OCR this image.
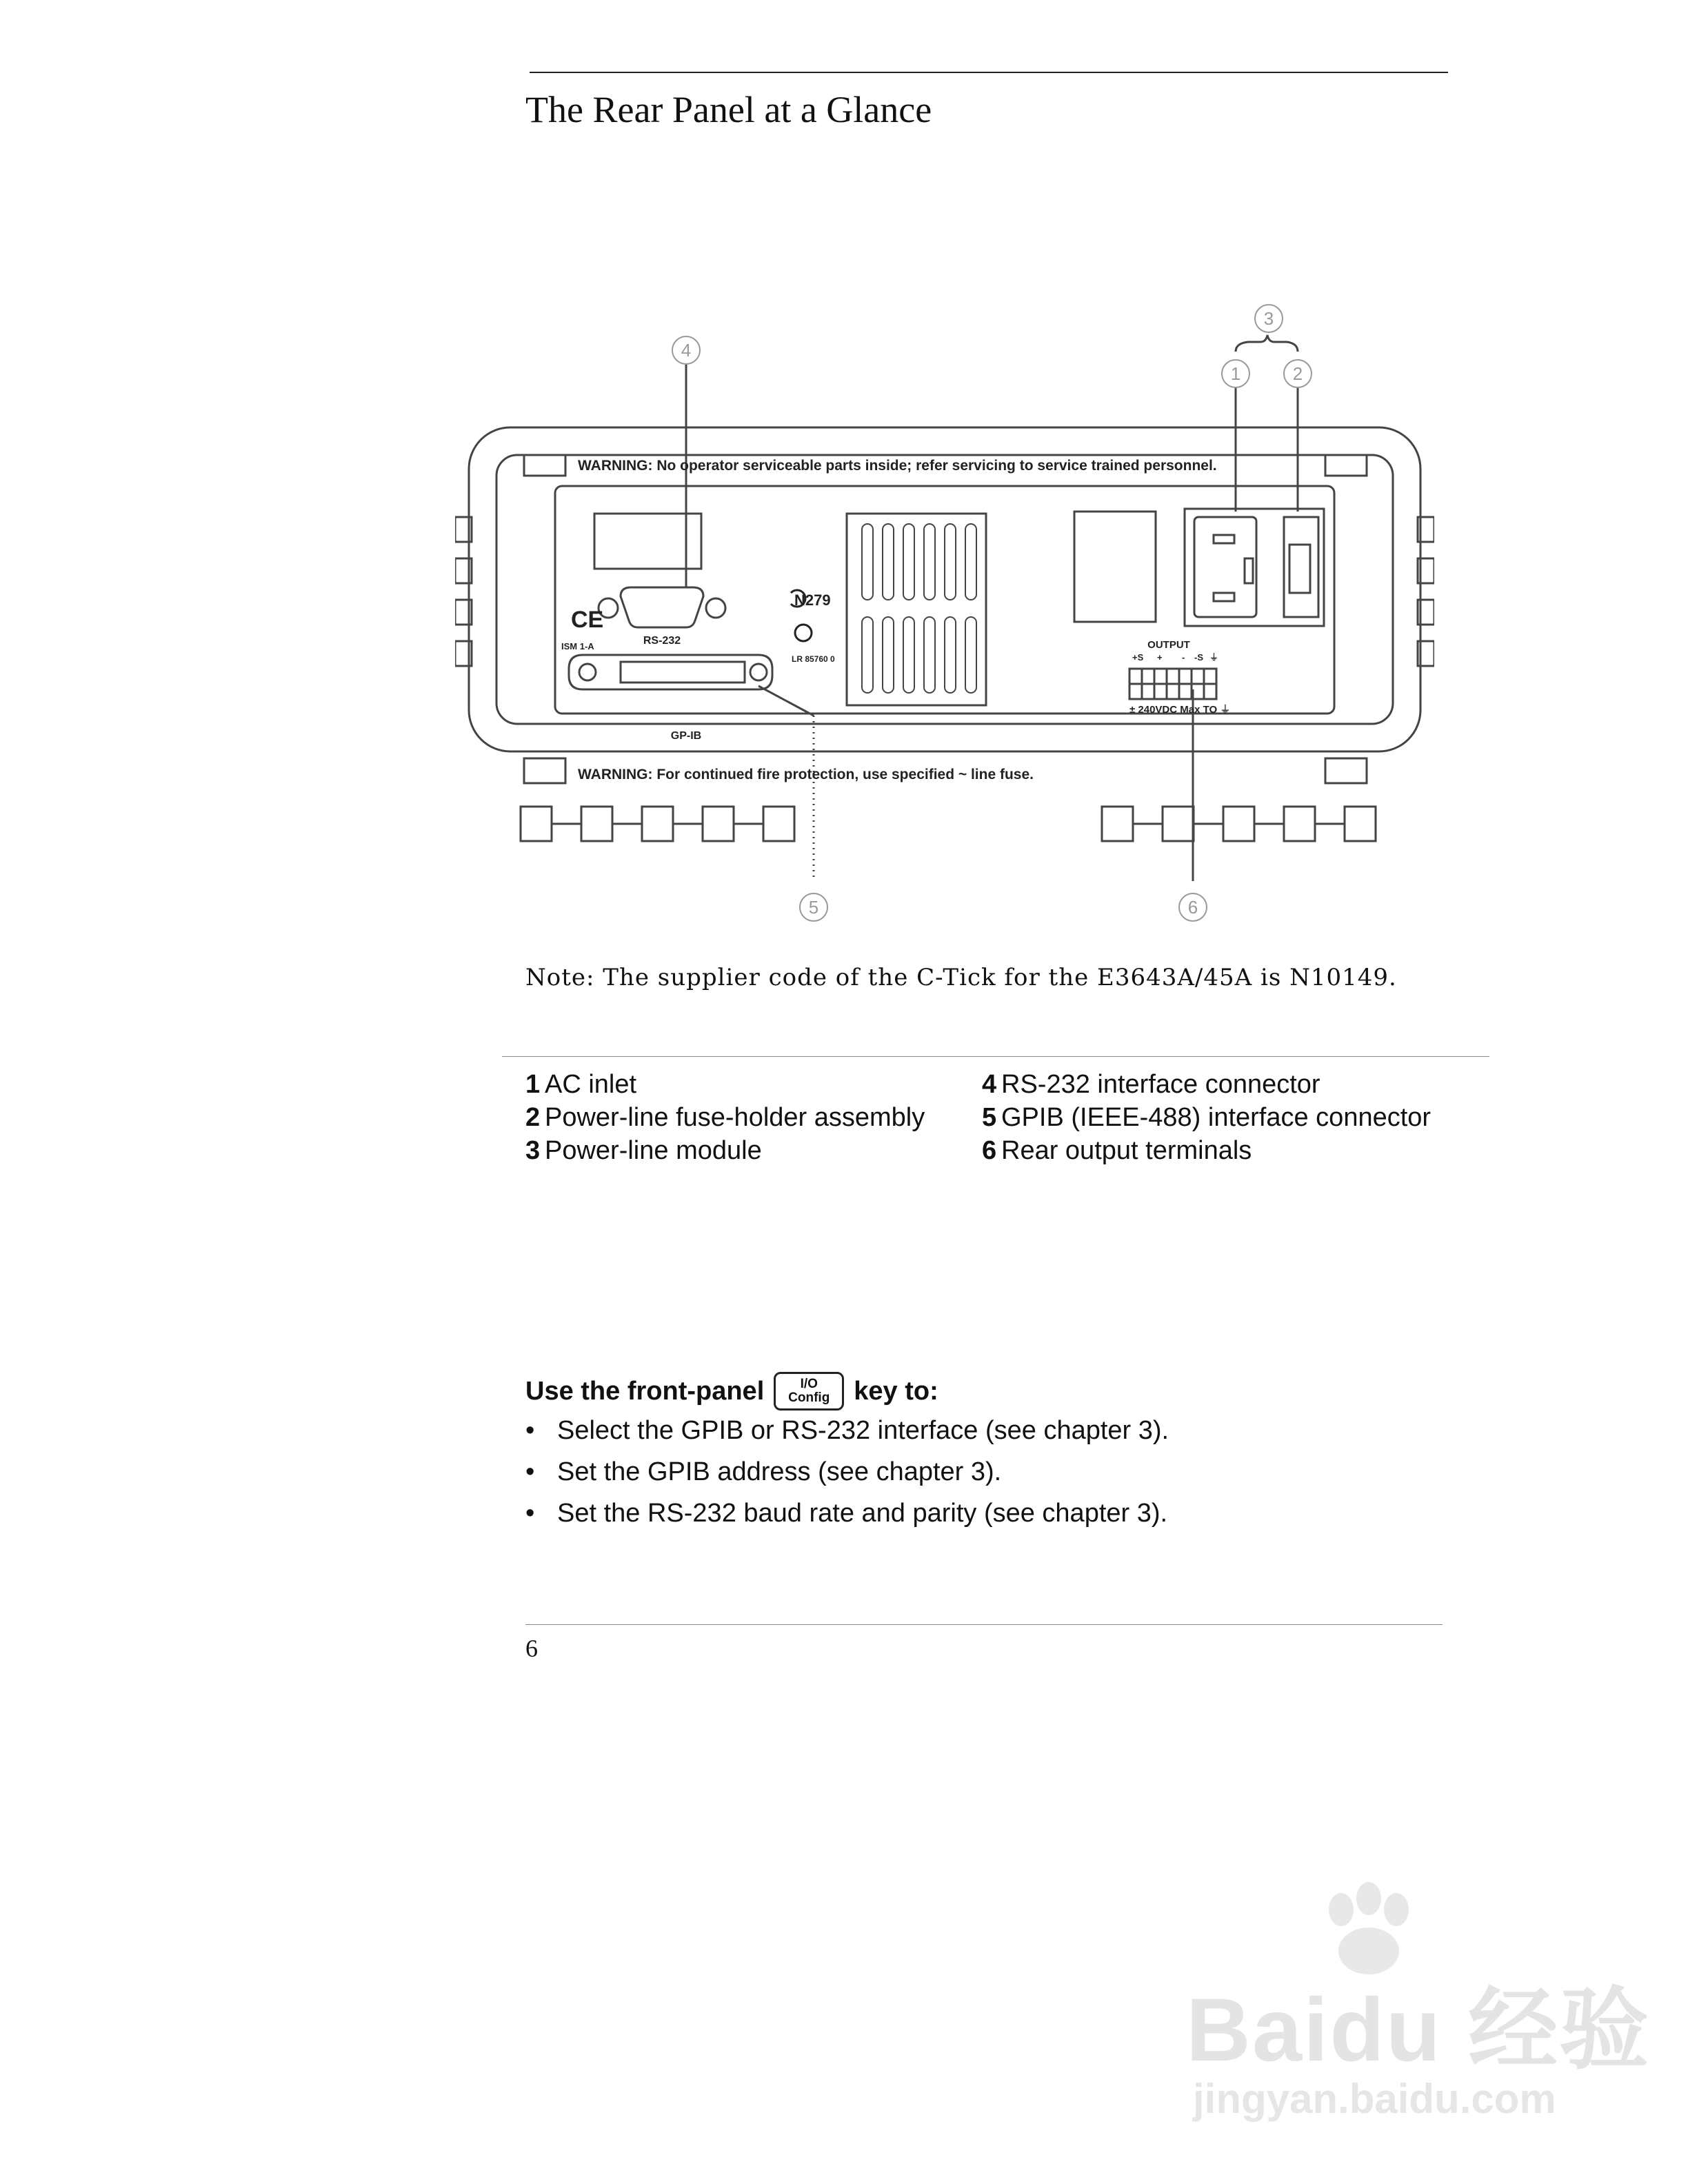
The Rear Panel at a Glance
4
3
1	2
5	6
WARNING: No operator serviceable parts inside; refer servicing to service trained personnel.
WARNING: For continued fire protection, use specified ~ line fuse.
RS-232
GP-IB
CE
ISM 1-A
N279
LR 85760 0
OUTPUT
+S + - -S ⏚
± 240VDC Max TO ⏚
Note: The supplier code of the C-Tick for the E3643A/45A is N10149.
1 AC inlet
2 Power-line fuse-holder assembly
3 Power-line module
4 RS-232 interface connector
5 GPIB (IEEE-488) interface connector
6 Rear output terminals
Use the front-panel	I/O
Config key to:
• Select the GPIB or RS-232 interface (see chapter 3).
• Set the GPIB address (see chapter 3).
• Set the RS-232 baud rate and parity (see chapter 3).
6
Baidu 经验
jingyan.baidu.com
